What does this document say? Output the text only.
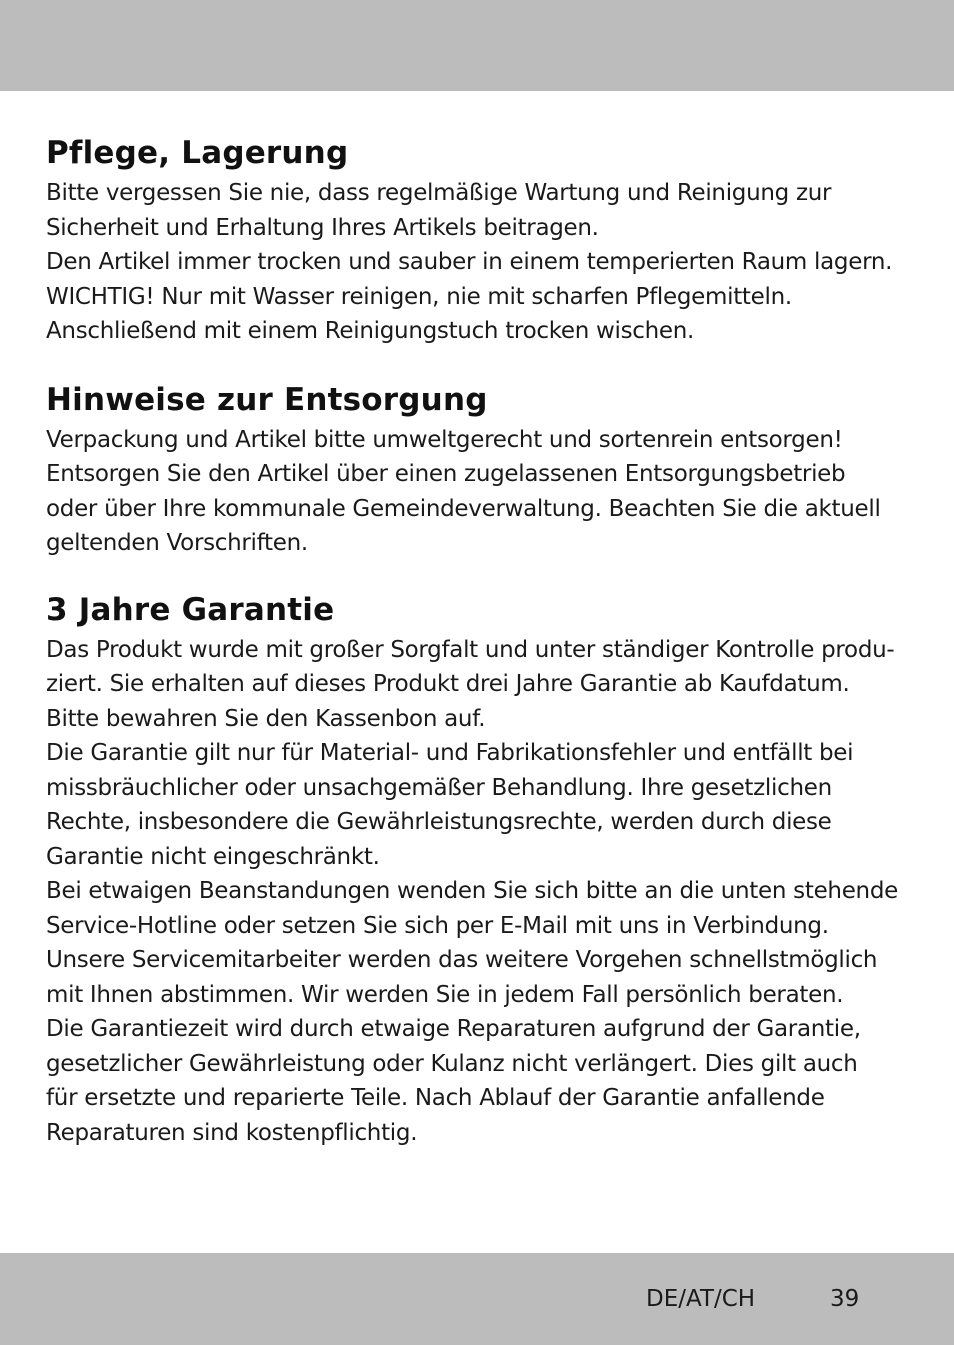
Pflege, Lagerung

Bitte vergessen Sie nie, dass regelmäßige Wartung und Reinigung zur
Sicherheit und Erhaltung Ihres Artikels beitragen.
Den Artikel immer trocken und sauber in einem temperierten Raum lagern.
WICHTIG! Nur mit Wasser reinigen, nie mit scharfen Pflegemitteln.
Anschließend mit einem Reinigungstuch trocken wischen.

Hinweise zur Entsorgung

Verpackung und Artikel bitte umweltgerecht und sortenrein entsorgen!
Entsorgen Sie den Artikel über einen zugelassenen Entsorgungsbetrieb
oder über Ihre kommunale Gemeindeverwaltung. Beachten Sie die aktuell
geltenden Vorschriften.

3 Jahre Garantie

Das Produkt wurde mit großer Sorgfalt und unter ständiger Kontrolle produ-
ziert. Sie erhalten auf dieses Produkt drei Jahre Garantie ab Kaufdatum.
Bitte bewahren Sie den Kassenbon auf.
Die Garantie gilt nur für Material- und Fabrikationsfehler und entfällt bei
missbräuchlicher oder unsachgemäßer Behandlung. Ihre gesetzlichen
Rechte, insbesondere die Gewährleistungsrechte, werden durch diese
Garantie nicht eingeschränkt.
Bei etwaigen Beanstandungen wenden Sie sich bitte an die unten stehende
Service-Hotline oder setzen Sie sich per E-Mail mit uns in Verbindung.
Unsere Servicemitarbeiter werden das weitere Vorgehen schnellstmöglich
mit Ihnen abstimmen. Wir werden Sie in jedem Fall persönlich beraten.
Die Garantiezeit wird durch etwaige Reparaturen aufgrund der Garantie,
gesetzlicher Gewährleistung oder Kulanz nicht verlängert. Dies gilt auch
für ersetzte und reparierte Teile. Nach Ablauf der Garantie anfallende
Reparaturen sind kostenpflichtig.

DE/AT/CH	39
